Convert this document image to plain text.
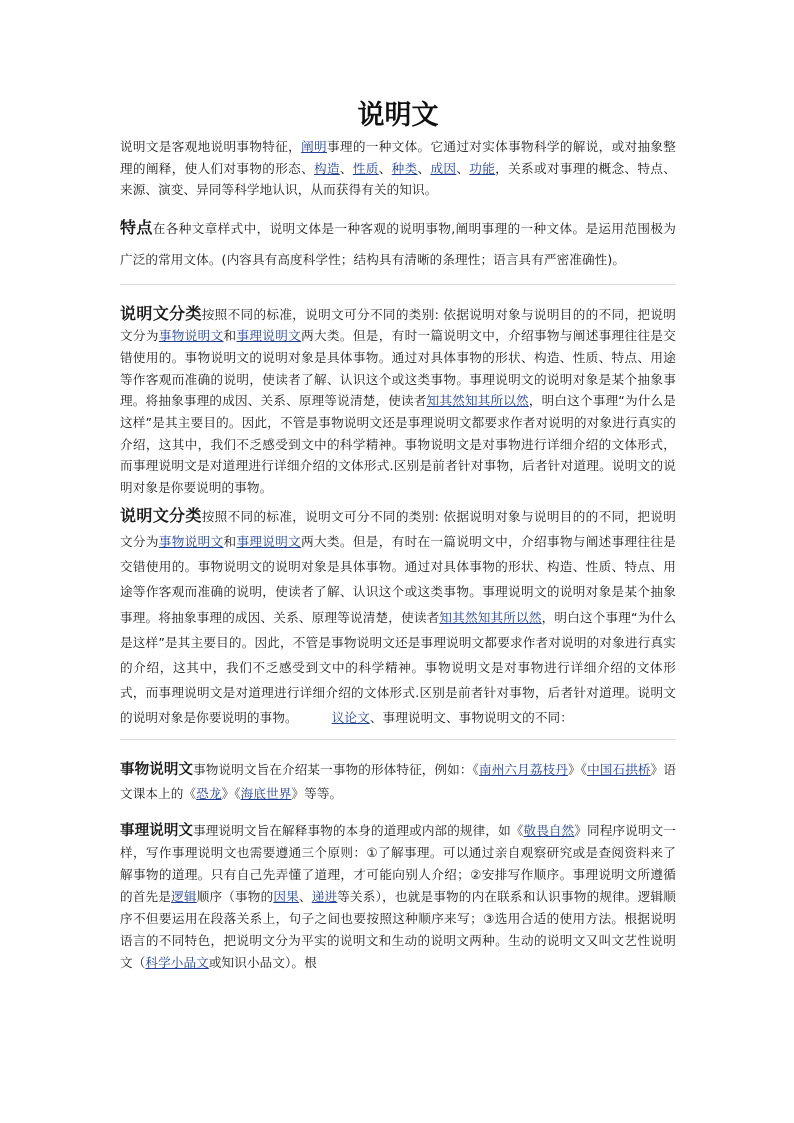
说明文

说明文是客观地说明事物特征，阐明事理的一种文体。它通过对实体事物科学的解说，或对抽象整理的阐释，使人们对事物的形态、构造、性质、种类、成因、功能，关系或对事理的概念、特点、来源、演变、异同等科学地认识，从而获得有关的知识。

特点在各种文章样式中，说明文体是一种客观的说明事物,阐明事理的一种文体。是运用范围极为广泛的常用文体。(内容具有高度科学性；结构具有清晰的条理性；语言具有严密准确性)。

说明文分类按照不同的标准，说明文可分不同的类别: 依据说明对象与说明目的的不同，把说明文分为事物说明文和事理说明文两大类。但是，有时一篇说明文中，介绍事物与阐述事理往往是交错使用的。事物说明文的说明对象是具体事物。通过对具体事物的形状、构造、性质、特点、用途等作客观而准确的说明，使读者了解、认识这个或这类事物。事理说明文的说明对象是某个抽象事理。将抽象事理的成因、关系、原理等说清楚，使读者知其然知其所以然，明白这个事理“为什么是这样”是其主要目的。因此，不管是事物说明文还是事理说明文都要求作者对说明的对象进行真实的介绍，这其中，我们不乏感受到文中的科学精神。事物说明文是对事物进行详细介绍的文体形式，而事理说明文是对道理进行详细介绍的文体形式.区别是前者针对事物，后者针对道理。说明文的说明对象是你要说明的事物。

说明文分类按照不同的标准，说明文可分不同的类别: 依据说明对象与说明目的的不同，把说明文分为事物说明文和事理说明文两大类。但是，有时在一篇说明文中，介绍事物与阐述事理往往是交错使用的。事物说明文的说明对象是具体事物。通过对具体事物的形状、构造、性质、特点、用途等作客观而准确的说明，使读者了解、认识这个或这类事物。事理说明文的说明对象是某个抽象事理。将抽象事理的成因、关系、原理等说清楚，使读者知其然知其所以然，明白这个事理“为什么是这样”是其主要目的。因此，不管是事物说明文还是事理说明文都要求作者对说明的对象进行真实的介绍，这其中，我们不乏感受到文中的科学精神。事物说明文是对事物进行详细介绍的文体形式，而事理说明文是对道理进行详细介绍的文体形式.区别是前者针对事物，后者针对道理。说明文的说明对象是你要说明的事物。	议论文、事理说明文、事物说明文的不同：

事物说明文事物说明文旨在介绍某一事物的形体特征，例如：《南州六月荔枝丹》《中国石拱桥》语文课本上的《恐龙》《海底世界》等等。

事理说明文事理说明文旨在解释事物的本身的道理或内部的规律，如《敬畏自然》同程序说明文一样，写作事理说明文也需要遵通三个原则：①了解事理。可以通过亲自观察研究或是查阅资料来了解事物的道理。只有自己先弄懂了道理，才可能向别人介绍；②安排写作顺序。事理说明文所遵循的首先是逻辑顺序（事物的因果、递进等关系），也就是事物的内在联系和认识事物的规律。逻辑顺序不但要运用在段落关系上，句子之间也要按照这种顺序来写；③选用合适的使用方法。根据说明语言的不同特色，把说明文分为平实的说明文和生动的说明文两种。生动的说明文又叫文艺性说明文（科学小品文或知识小品文）。根
